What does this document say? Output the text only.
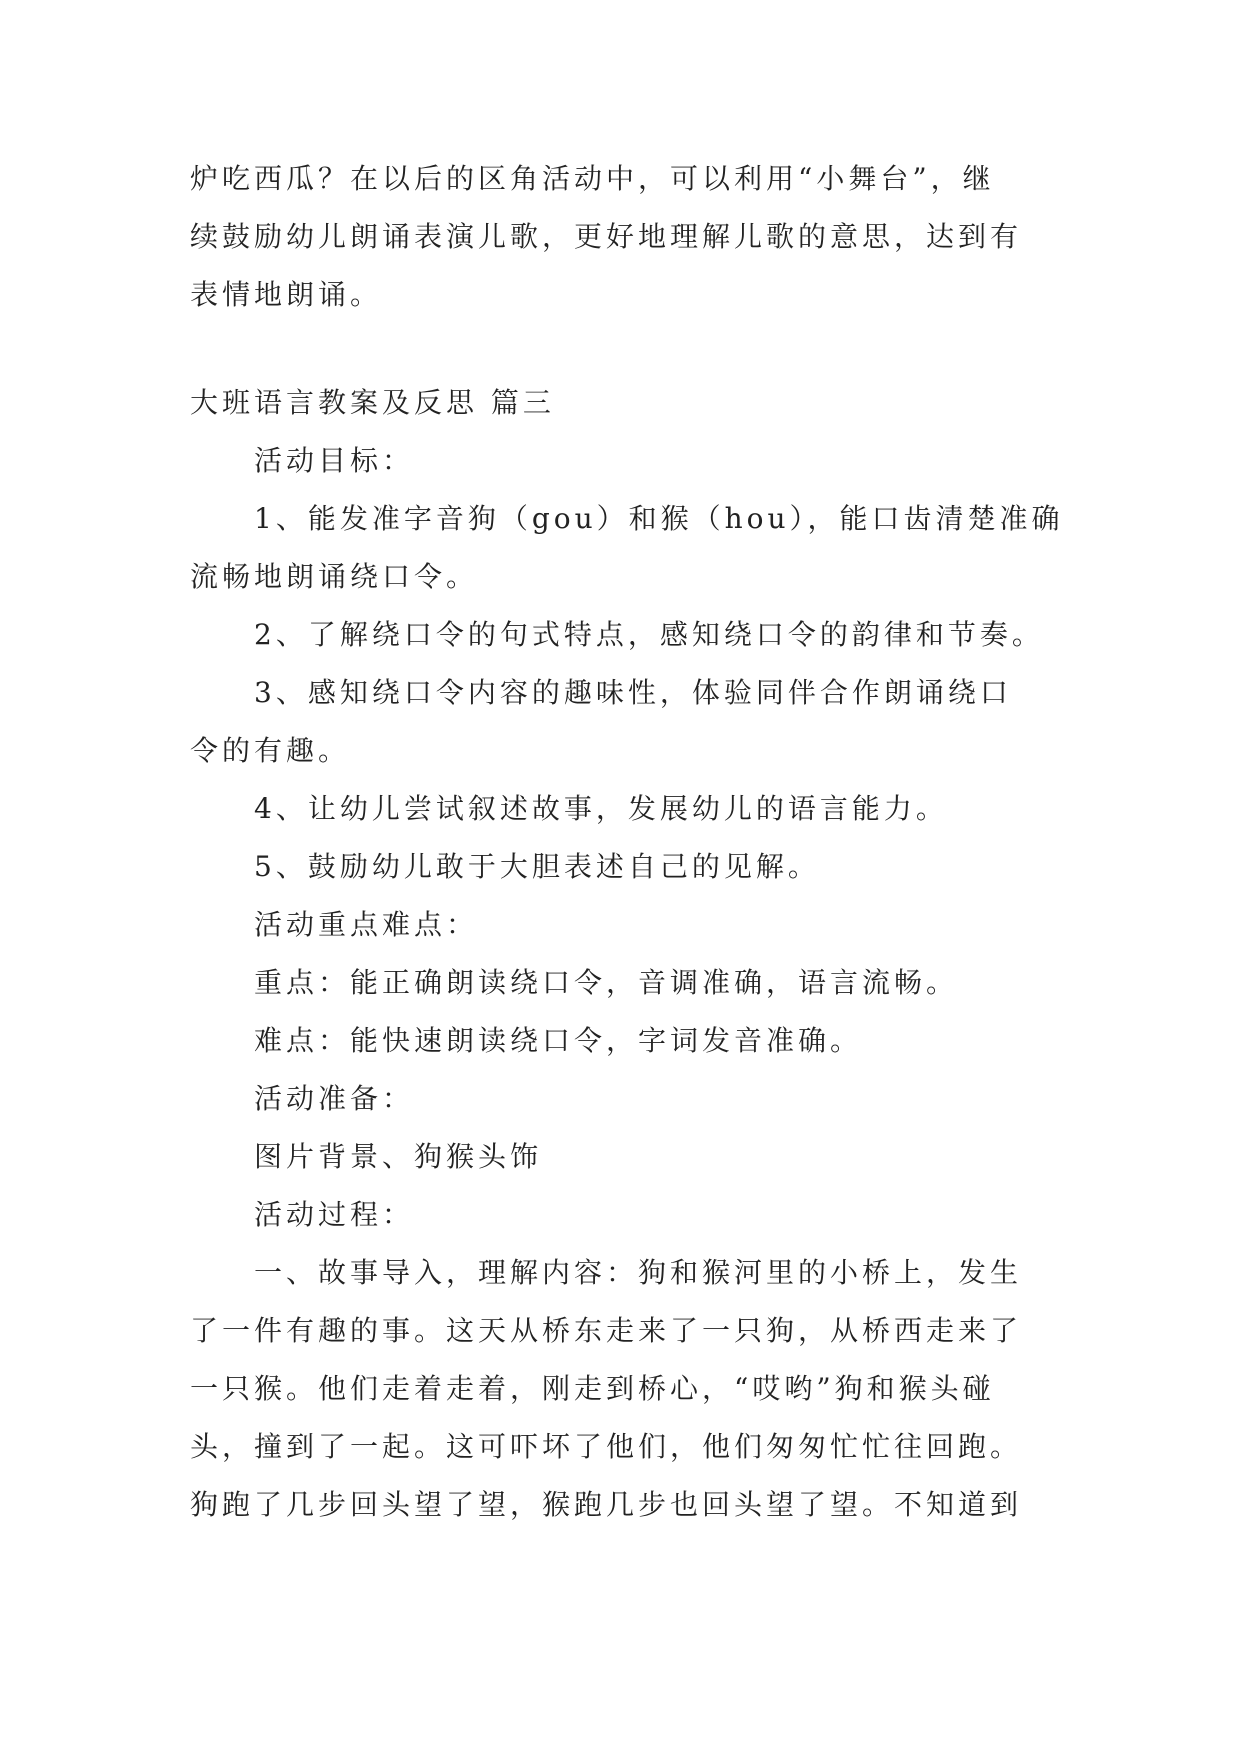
炉吃西瓜？在以后的区角活动中，可以利用“小舞台”，继
续鼓励幼儿朗诵表演儿歌，更好地理解儿歌的意思，达到有
表情地朗诵。
大班语言教案及反思 篇三
活动目标：
1、能发准字音狗（gou）和猴（hou），能口齿清楚准确
流畅地朗诵绕口令。
2、了解绕口令的句式特点，感知绕口令的韵律和节奏。
3、感知绕口令内容的趣味性，体验同伴合作朗诵绕口
令的有趣。
4、让幼儿尝试叙述故事，发展幼儿的语言能力。
5、鼓励幼儿敢于大胆表述自己的见解。
活动重点难点：
重点：能正确朗读绕口令，音调准确，语言流畅。
难点：能快速朗读绕口令，字词发音准确。
活动准备：
图片背景、狗猴头饰
活动过程：
一、故事导入，理解内容：狗和猴河里的小桥上，发生
了一件有趣的事。这天从桥东走来了一只狗，从桥西走来了
一只猴。他们走着走着，刚走到桥心，“哎哟”狗和猴头碰
头，撞到了一起。这可吓坏了他们，他们匆匆忙忙往回跑。
狗跑了几步回头望了望，猴跑几步也回头望了望。不知道到
